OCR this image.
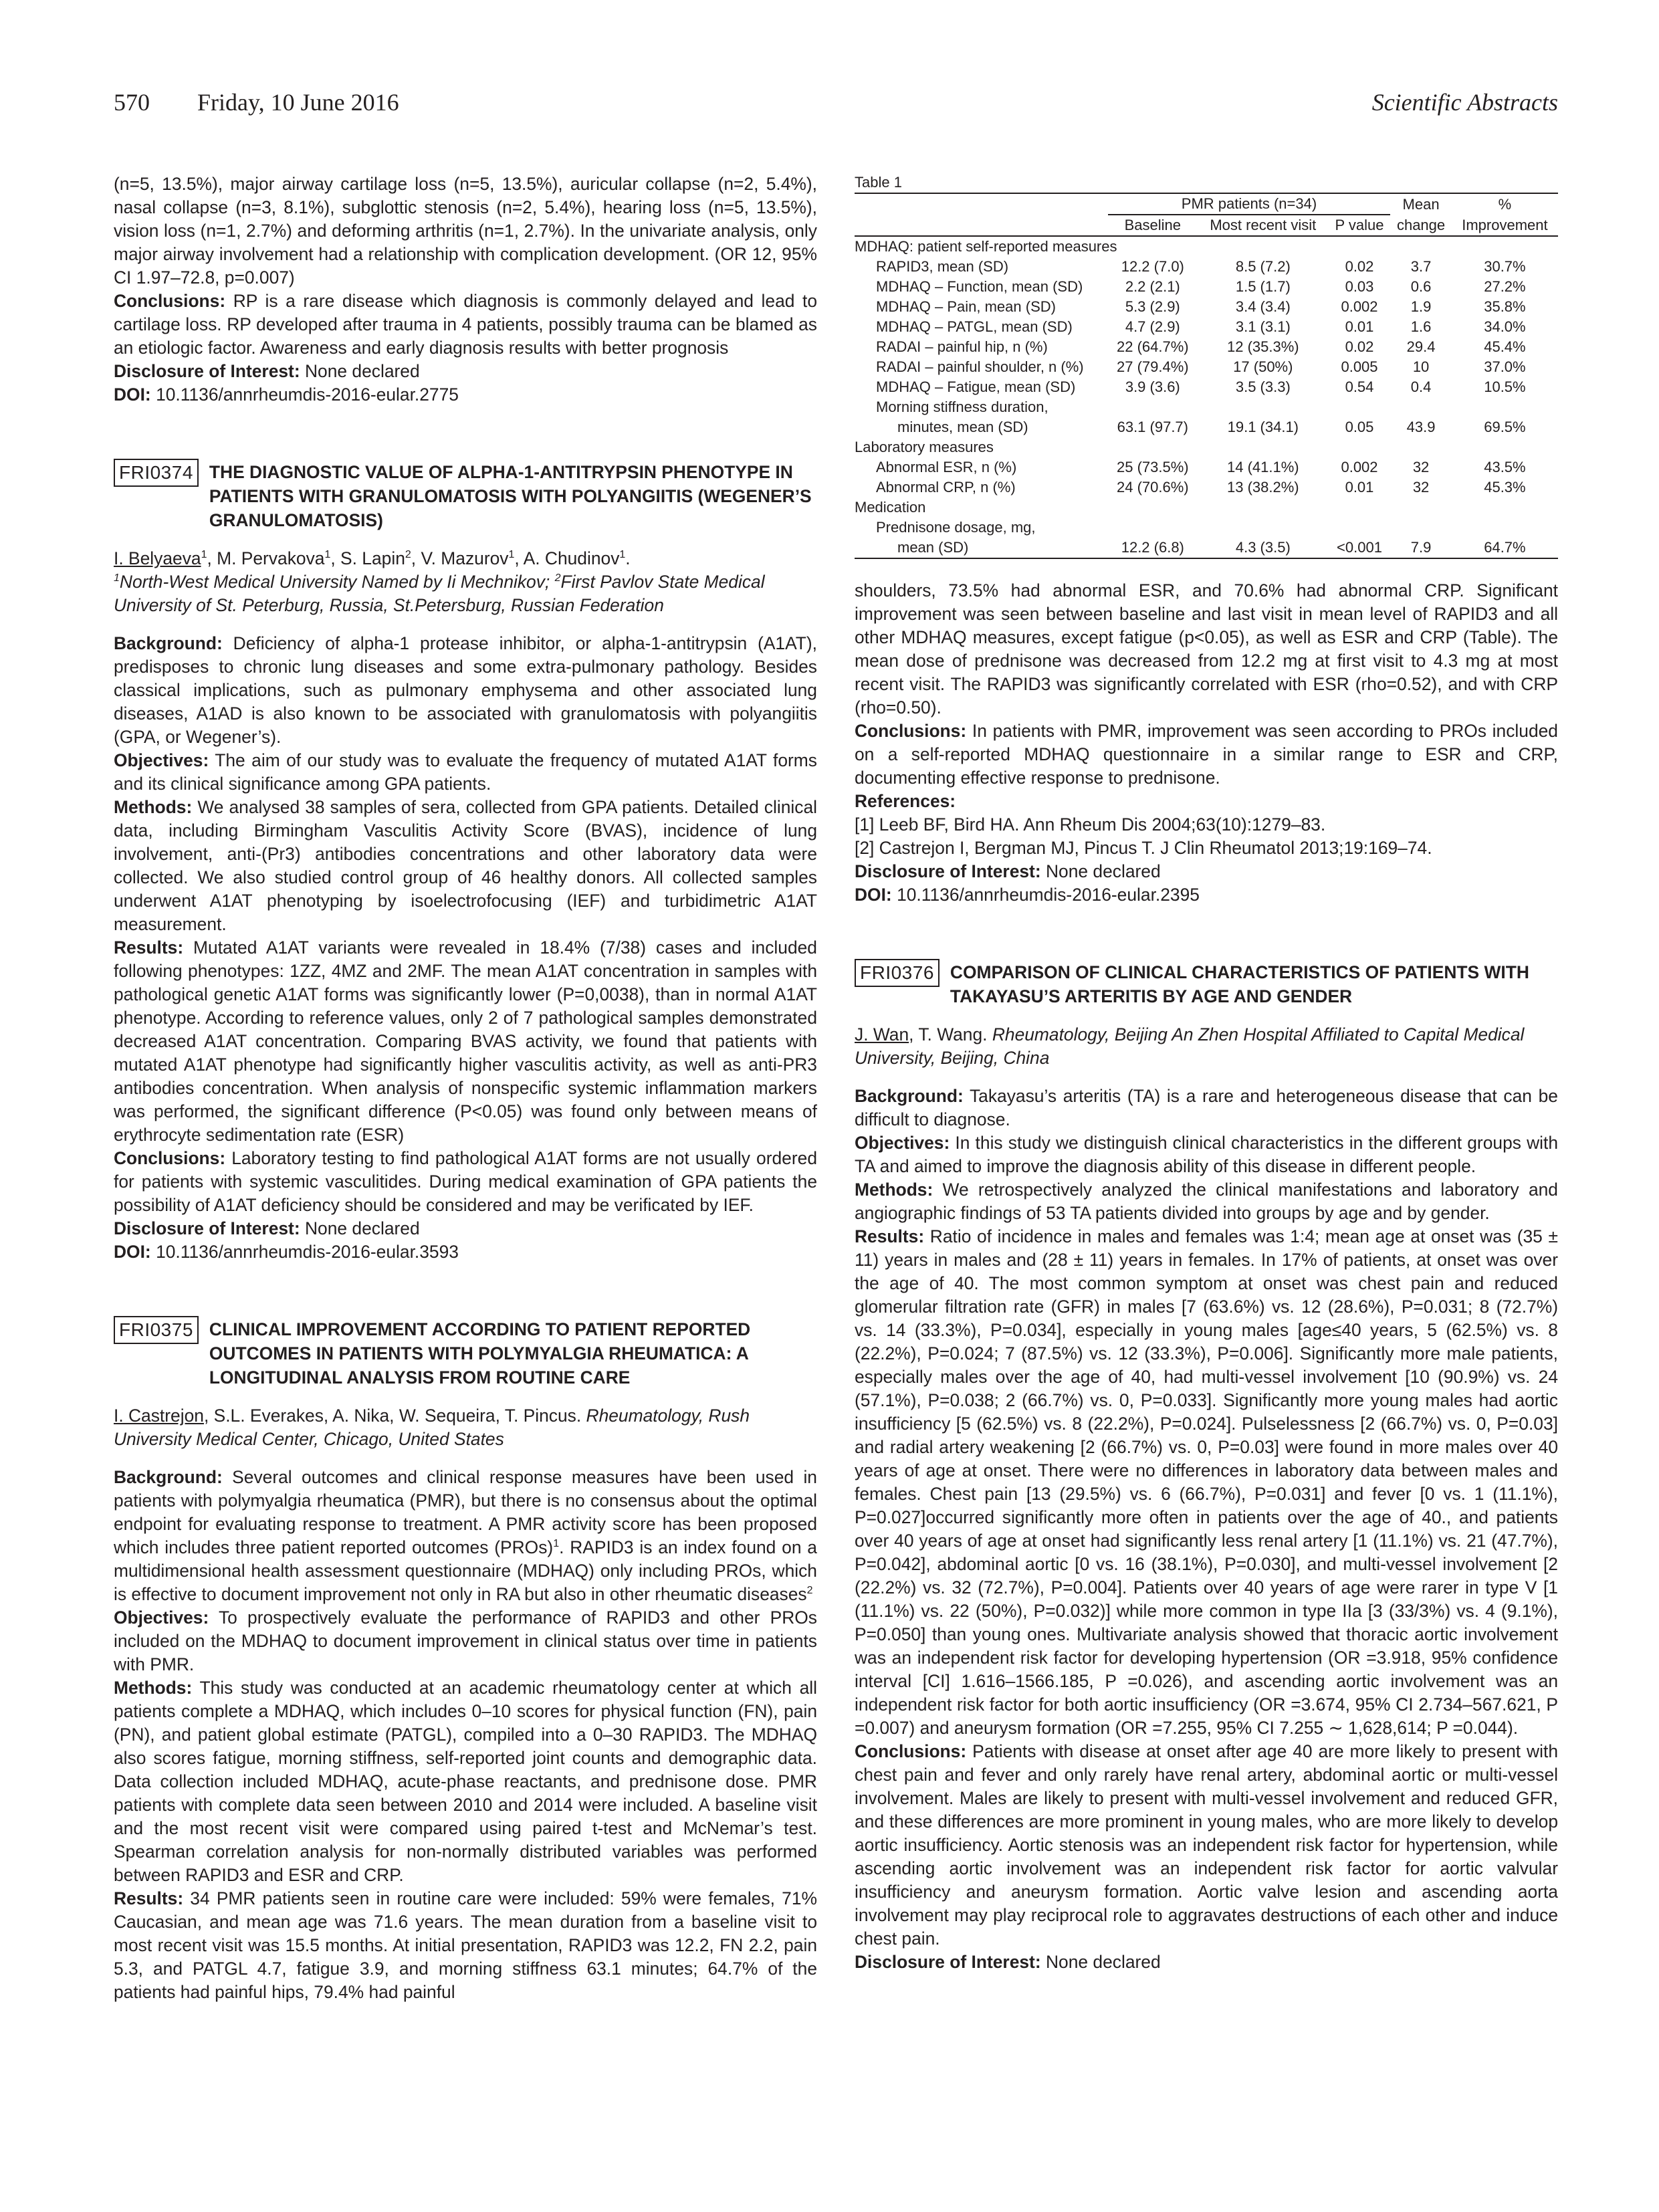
570 Friday, 10 June 2016	Scientific Abstracts

(n=5, 13.5%), major airway cartilage loss (n=5, 13.5%), auricular collapse (n=2, 5.4%), nasal collapse (n=3, 8.1%), subglottic stenosis (n=2, 5.4%), hearing loss (n=5, 13.5%), vision loss (n=1, 2.7%) and deforming arthritis (n=1, 2.7%). In the univariate analysis, only major airway involvement had a relationship with complication development. (OR 12, 95% CI 1.97–72.8, p=0.007)

Conclusions: RP is a rare disease which diagnosis is commonly delayed and lead to cartilage loss. RP developed after trauma in 4 patients, possibly trauma can be blamed as an etiologic factor. Awareness and early diagnosis results with better prognosis

Disclosure of Interest: None declared

DOI: 10.1136/annrheumdis-2016-eular.2775

FRI0374 THE DIAGNOSTIC VALUE OF ALPHA-1-ANTITRYPSIN PHENOTYPE IN PATIENTS WITH GRANULOMATOSIS WITH POLYANGIITIS (WEGENER’S GRANULOMATOSIS)

I. Belyaeva$^1$, M. Pervakova$^1$, S. Lapin$^2$, V. Mazurov$^1$, A. Chudinov$^1$.

$^1$North-West Medical University Named by Ii Mechnikov; $^2$First Pavlov State Medical University of St. Peterburg, Russia, St.Petersburg, Russian Federation

Background: Deficiency of alpha-1 protease inhibitor, or alpha-1-antitrypsin (A1AT), predisposes to chronic lung diseases and some extra-pulmonary pathology. Besides classical implications, such as pulmonary emphysema and other associated lung diseases, A1AD is also known to be associated with granulomatosis with polyangiitis (GPA, or Wegener’s).

Objectives: The aim of our study was to evaluate the frequency of mutated A1AT forms and its clinical significance among GPA patients.

Methods: We analysed 38 samples of sera, collected from GPA patients. Detailed clinical data, including Birmingham Vasculitis Activity Score (BVAS), incidence of lung involvement, anti-(Pr3) antibodies concentrations and other laboratory data were collected. We also studied control group of 46 healthy donors. All collected samples underwent A1AT phenotyping by isoelectrofocusing (IEF) and turbidimetric A1AT measurement.

Results: Mutated A1AT variants were revealed in 18.4% (7/38) cases and included following phenotypes: 1ZZ, 4MZ and 2MF. The mean A1AT concentration in samples with pathological genetic A1AT forms was significantly lower (P=0,0038), than in normal A1AT phenotype. According to reference values, only 2 of 7 pathological samples demonstrated decreased A1AT concentration. Comparing BVAS activity, we found that patients with mutated A1AT phenotype had significantly higher vasculitis activity, as well as anti-PR3 antibodies concentration. When analysis of nonspecific systemic inflammation markers was performed, the significant difference (P<0.05) was found only between means of erythrocyte sedimentation rate (ESR)

Conclusions: Laboratory testing to find pathological A1AT forms are not usually ordered for patients with systemic vasculitides. During medical examination of GPA patients the possibility of A1AT deficiency should be considered and may be verificated by IEF.

Disclosure of Interest: None declared

DOI: 10.1136/annrheumdis-2016-eular.3593

FRI0375 CLINICAL IMPROVEMENT ACCORDING TO PATIENT REPORTED OUTCOMES IN PATIENTS WITH POLYMYALGIA RHEUMATICA: A LONGITUDINAL ANALYSIS FROM ROUTINE CARE

I. Castrejon, S.L. Everakes, A. Nika, W. Sequeira, T. Pincus. Rheumatology, Rush University Medical Center, Chicago, United States

Background: Several outcomes and clinical response measures have been used in patients with polymyalgia rheumatica (PMR), but there is no consensus about the optimal endpoint for evaluating response to treatment. A PMR activity score has been proposed which includes three patient reported outcomes (PROs)$^1$. RAPID3 is an index found on a multidimensional health assessment questionnaire (MDHAQ) only including PROs, which is effective to document improvement not only in RA but also in other rheumatic diseases$^2$

Objectives: To prospectively evaluate the performance of RAPID3 and other PROs included on the MDHAQ to document improvement in clinical status over time in patients with PMR.

Methods: This study was conducted at an academic rheumatology center at which all patients complete a MDHAQ, which includes 0–10 scores for physical function (FN), pain (PN), and patient global estimate (PATGL), compiled into a 0–30 RAPID3. The MDHAQ also scores fatigue, morning stiffness, self-reported joint counts and demographic data. Data collection included MDHAQ, acute-phase reactants, and prednisone dose. PMR patients with complete data seen between 2010 and 2014 were included. A baseline visit and the most recent visit were compared using paired t-test and McNemar’s test. Spearman correlation analysis for non-normally distributed variables was performed between RAPID3 and ESR and CRP.

Results: 34 PMR patients seen in routine care were included: 59% were females, 71% Caucasian, and mean age was 71.6 years. The mean duration from a baseline visit to most recent visit was 15.5 months. At initial presentation, RAPID3 was 12.2, FN 2.2, pain 5.3, and PATGL 4.7, fatigue 3.9, and morning stiffness 63.1 minutes; 64.7% of the patients had painful hips, 79.4% had painful

Table 1
	PMR patients (n=34)			Mean	%
	Baseline	Most recent visit	P value	change	Improvement
MDHAQ: patient self-reported measures					
RAPID3, mean (SD)	12.2 (7.0)	8.5 (7.2)	0.02	3.7	30.7%
MDHAQ – Function, mean (SD)	2.2 (2.1)	1.5 (1.7)	0.03	0.6	27.2%
MDHAQ – Pain, mean (SD)	5.3 (2.9)	3.4 (3.4)	0.002	1.9	35.8%
MDHAQ – PATGL, mean (SD)	4.7 (2.9)	3.1 (3.1)	0.01	1.6	34.0%
RADAI – painful hip, n (%)	22 (64.7%)	12 (35.3%)	0.02	29.4	45.4%
RADAI – painful shoulder, n (%)	27 (79.4%)	17 (50%)	0.005	10	37.0%
MDHAQ – Fatigue, mean (SD)	3.9 (3.6)	3.5 (3.3)	0.54	0.4	10.5%
Morning stiffness duration,					
minutes, mean (SD)	63.1 (97.7)	19.1 (34.1)	0.05	43.9	69.5%
Laboratory measures					
Abnormal ESR, n (%)	25 (73.5%)	14 (41.1%)	0.002	32	43.5%
Abnormal CRP, n (%)	24 (70.6%)	13 (38.2%)	0.01	32	45.3%
Medication					
Prednisone dosage, mg,					
mean (SD)	12.2 (6.8)	4.3 (3.5)	<0.001	7.9	64.7%

shoulders, 73.5% had abnormal ESR, and 70.6% had abnormal CRP. Significant improvement was seen between baseline and last visit in mean level of RAPID3 and all other MDHAQ measures, except fatigue (p<0.05), as well as ESR and CRP (Table). The mean dose of prednisone was decreased from 12.2 mg at first visit to 4.3 mg at most recent visit. The RAPID3 was significantly correlated with ESR (rho=0.52), and with CRP (rho=0.50).

Conclusions: In patients with PMR, improvement was seen according to PROs included on a self-reported MDHAQ questionnaire in a similar range to ESR and CRP, documenting effective response to prednisone.

References:

[1] Leeb BF, Bird HA. Ann Rheum Dis 2004;63(10):1279–83.

[2] Castrejon I, Bergman MJ, Pincus T. J Clin Rheumatol 2013;19:169–74.

Disclosure of Interest: None declared

DOI: 10.1136/annrheumdis-2016-eular.2395

FRI0376 COMPARISON OF CLINICAL CHARACTERISTICS OF PATIENTS WITH TAKAYASU’S ARTERITIS BY AGE AND GENDER

J. Wan, T. Wang. Rheumatology, Beijing An Zhen Hospital Affiliated to Capital Medical University, Beijing, China

Background: Takayasu’s arteritis (TA) is a rare and heterogeneous disease that can be difficult to diagnose.

Objectives: In this study we distinguish clinical characteristics in the different groups with TA and aimed to improve the diagnosis ability of this disease in different people.

Methods: We retrospectively analyzed the clinical manifestations and laboratory and angiographic findings of 53 TA patients divided into groups by age and by gender.

Results: Ratio of incidence in males and females was 1:4; mean age at onset was (35 ± 11) years in males and (28 ± 11) years in females. In 17% of patients, at onset was over the age of 40. The most common symptom at onset was chest pain and reduced glomerular filtration rate (GFR) in males [7 (63.6%) vs. 12 (28.6%), P=0.031; 8 (72.7%) vs. 14 (33.3%), P=0.034], especially in young males [age≤40 years, 5 (62.5%) vs. 8 (22.2%), P=0.024; 7 (87.5%) vs. 12 (33.3%), P=0.006]. Significantly more male patients, especially males over the age of 40, had multi-vessel involvement [10 (90.9%) vs. 24 (57.1%), P=0.038; 2 (66.7%) vs. 0, P=0.033]. Significantly more young males had aortic insufficiency [5 (62.5%) vs. 8 (22.2%), P=0.024]. Pulselessness [2 (66.7%) vs. 0, P=0.03] and radial artery weakening [2 (66.7%) vs. 0, P=0.03] were found in more males over 40 years of age at onset. There were no differences in laboratory data between males and females. Chest pain [13 (29.5%) vs. 6 (66.7%), P=0.031] and fever [0 vs. 1 (11.1%), P=0.027]occurred significantly more often in patients over the age of 40., and patients over 40 years of age at onset had significantly less renal artery [1 (11.1%) vs. 21 (47.7%), P=0.042], abdominal aortic [0 vs. 16 (38.1%), P=0.030], and multi-vessel involvement [2 (22.2%) vs. 32 (72.7%), P=0.004]. Patients over 40 years of age were rarer in type V [1 (11.1%) vs. 22 (50%), P=0.032)] while more common in type IIa [3 (33/3%) vs. 4 (9.1%), P=0.050] than young ones. Multivariate analysis showed that thoracic aortic involvement was an independent risk factor for developing hypertension (OR =3.918, 95% confidence interval [CI] 1.616–1566.185, P =0.026), and ascending aortic involvement was an independent risk factor for both aortic insufficiency (OR =3.674, 95% CI 2.734–567.621, P =0.007) and aneurysm formation (OR =7.255, 95% CI 7.255 ∼ 1,628,614; P =0.044).

Conclusions: Patients with disease at onset after age 40 are more likely to present with chest pain and fever and only rarely have renal artery, abdominal aortic or multi-vessel involvement. Males are likely to present with multi-vessel involvement and reduced GFR, and these differences are more prominent in young males, who are more likely to develop aortic insufficiency. Aortic stenosis was an independent risk factor for hypertension, while ascending aortic involvement was an independent risk factor for aortic valvular insufficiency and aneurysm formation. Aortic valve lesion and ascending aorta involvement may play reciprocal role to aggravates destructions of each other and induce chest pain.

Disclosure of Interest: None declared
